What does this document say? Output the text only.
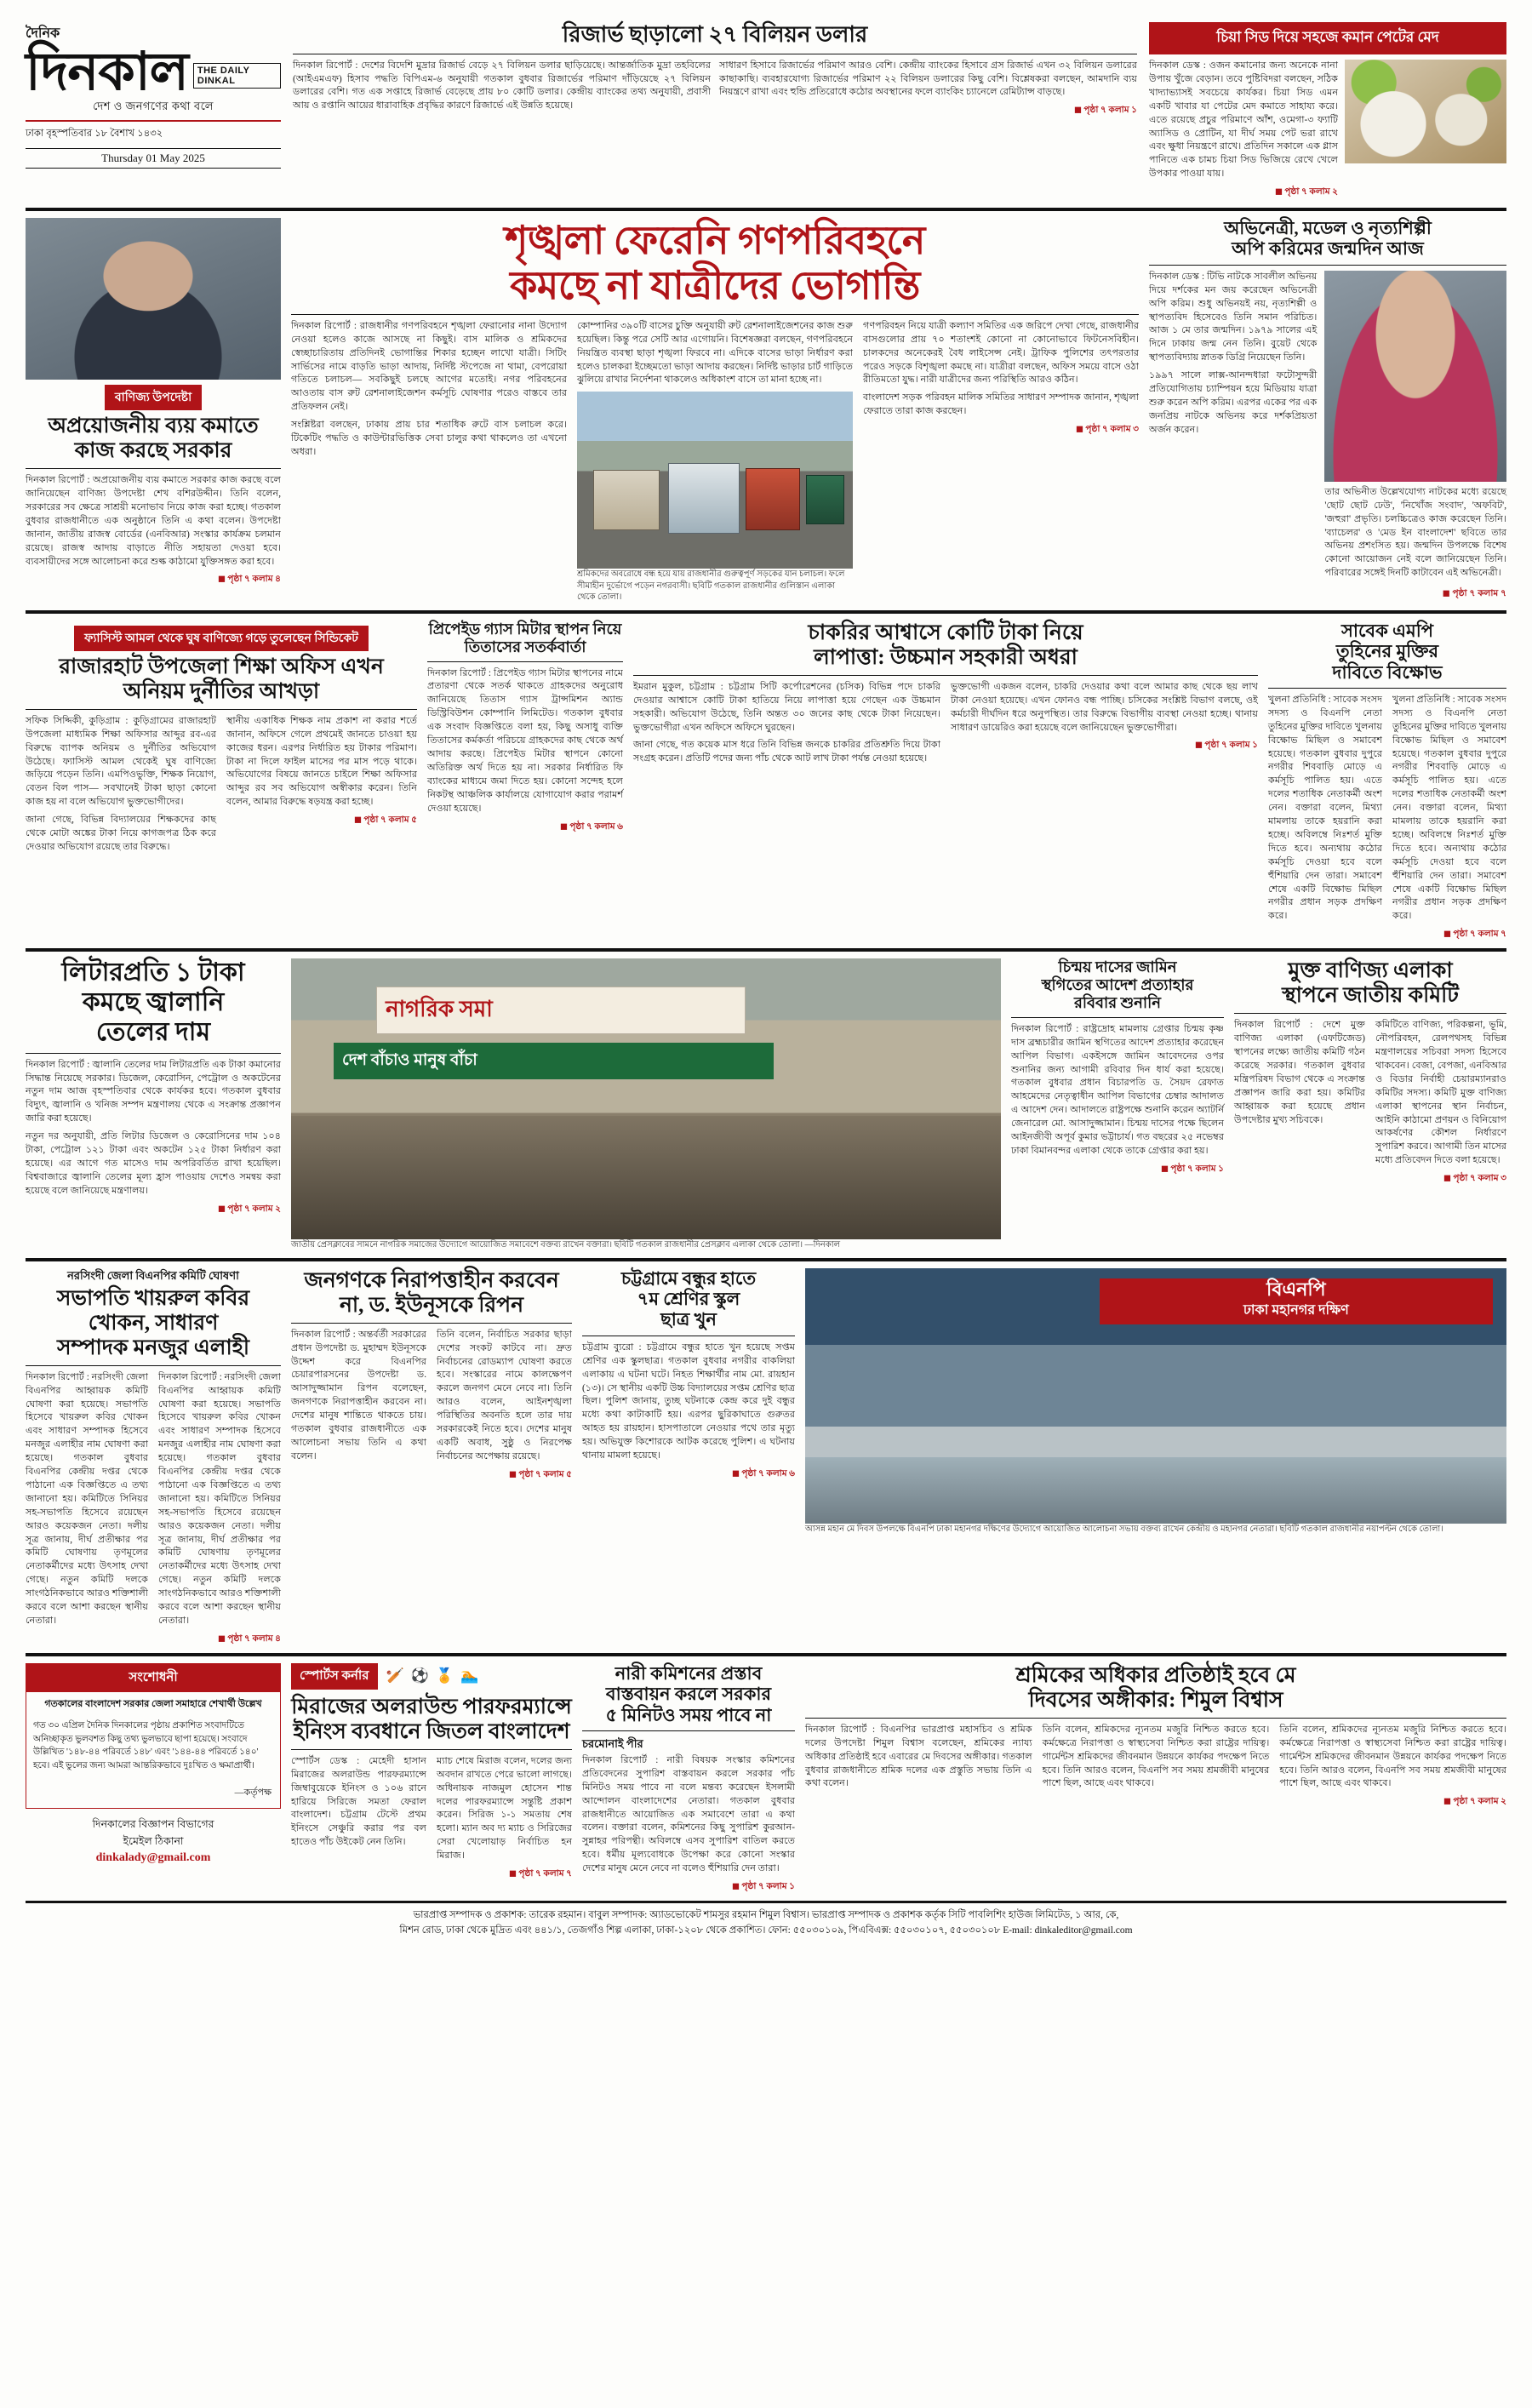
দৈনিক
দিনকাল	THE DAILY DINKAL
দেশ ও জনগণের কথা বলে
ঢাকা বৃহস্পতিবার ১৮ বৈশাখ ১৪৩২
Thursday 01 May 2025
রিজার্ভ ছাড়ালো ২৭ বিলিয়ন ডলার

দিনকাল রিপোর্ট : দেশের বিদেশি মুদ্রার রিজার্ভ বেড়ে ২৭ বিলিয়ন ডলার ছাড়িয়েছে। আন্তর্জাতিক মুদ্রা তহবিলের (আইএমএফ) হিসাব পদ্ধতি বিপিএম-৬ অনুযায়ী গতকাল বুধবার রিজার্ভের পরিমাণ দাঁড়িয়েছে ২৭ বিলিয়ন ডলারের বেশি। গত এক সপ্তাহে রিজার্ভ বেড়েছে প্রায় ৮০ কোটি ডলার। কেন্দ্রীয় ব্যাংকের তথ্য অনুযায়ী, প্রবাসী আয় ও রপ্তানি আয়ের ধারাবাহিক প্রবৃদ্ধির কারণে রিজার্ভে এই উন্নতি হয়েছে।

সাধারণ হিসাবে রিজার্ভের পরিমাণ আরও বেশি। কেন্দ্রীয় ব্যাংকের হিসাবে গ্রস রিজার্ভ এখন ৩২ বিলিয়ন ডলারের কাছাকাছি। ব্যবহারযোগ্য রিজার্ভের পরিমাণ ২২ বিলিয়ন ডলারের কিছু বেশি। বিশ্লেষকরা বলছেন, আমদানি ব্যয় নিয়ন্ত্রণে রাখা এবং হুন্ডি প্রতিরোধে কঠোর অবস্থানের ফলে ব্যাংকিং চ্যানেলে রেমিট্যান্স বাড়ছে।

◼ পৃষ্ঠা ৭ কলাম ১
চিয়া সিড দিয়ে সহজে কমান পেটের মেদ

দিনকাল ডেস্ক : ওজন কমানোর জন্য অনেকে নানা উপায় খুঁজে বেড়ান। তবে পুষ্টিবিদরা বলছেন, সঠিক খাদ্যাভ্যাসই সবচেয়ে কার্যকর। চিয়া সিড এমন একটি খাবার যা পেটের মেদ কমাতে সাহায্য করে। এতে রয়েছে প্রচুর পরিমাণে আঁশ, ওমেগা-৩ ফ্যাটি অ্যাসিড ও প্রোটিন, যা দীর্ঘ সময় পেট ভরা রাখে এবং ক্ষুধা নিয়ন্ত্রণে রাখে। প্রতিদিন সকালে এক গ্লাস পানিতে এক চামচ চিয়া সিড ভিজিয়ে রেখে খেলে উপকার পাওয়া যায়।

◼ পৃষ্ঠা ৭ কলাম ২
বাণিজ্য উপদেষ্টা
অপ্রয়োজনীয় ব্যয় কমাতে কাজ করছে সরকার

দিনকাল রিপোর্ট : অপ্রয়োজনীয় ব্যয় কমাতে সরকার কাজ করছে বলে জানিয়েছেন বাণিজ্য উপদেষ্টা শেখ বশিরউদ্দীন। তিনি বলেন, সরকারের সব ক্ষেত্রে সাশ্রয়ী মনোভাব নিয়ে কাজ করা হচ্ছে। গতকাল বুধবার রাজধানীতে এক অনুষ্ঠানে তিনি এ কথা বলেন। উপদেষ্টা জানান, জাতীয় রাজস্ব বোর্ডের (এনবিআর) সংস্কার কার্যক্রম চলমান রয়েছে। রাজস্ব আদায় বাড়াতে নীতি সহায়তা দেওয়া হবে। ব্যবসায়ীদের সঙ্গে আলোচনা করে শুল্ক কাঠামো যুক্তিসঙ্গত করা হবে।

◼ পৃষ্ঠা ৭ কলাম ৪
শৃঙ্খলা ফেরেনি গণপরিবহনে
কমছে না যাত্রীদের ভোগান্তি

দিনকাল রিপোর্ট : রাজধানীর গণপরিবহনে শৃঙ্খলা ফেরানোর নানা উদ্যোগ নেওয়া হলেও কাজে আসছে না কিছুই। বাস মালিক ও শ্রমিকদের স্বেচ্ছাচারিতায় প্রতিদিনই ভোগান্তির শিকার হচ্ছেন লাখো যাত্রী। সিটিং সার্ভিসের নামে বাড়তি ভাড়া আদায়, নির্দিষ্ট স্টপেজে না থামা, বেপরোয়া গতিতে চলাচল— সবকিছুই চলছে আগের মতোই। নগর পরিবহনের আওতায় বাস রুট রেশনালাইজেশন কর্মসূচি ঘোষণার পরেও বাস্তবে তার প্রতিফলন নেই।

সংশ্লিষ্টরা বলছেন, ঢাকায় প্রায় চার শতাধিক রুটে বাস চলাচল করে। টিকেটিং পদ্ধতি ও কাউন্টারভিত্তিক সেবা চালুর কথা থাকলেও তা এখনো অধরা।

কোম্পানির ৩৯০টি বাসের চুক্তি অনুযায়ী রুট রেশনালাইজেশনের কাজ শুরু হয়েছিল। কিন্তু পরে সেটি আর এগোয়নি। বিশেষজ্ঞরা বলছেন, গণপরিবহনে নিয়ন্ত্রিত ব্যবস্থা ছাড়া শৃঙ্খলা ফিরবে না। এদিকে বাসের ভাড়া নির্ধারণ করা হলেও চালকরা ইচ্ছেমতো ভাড়া আদায় করছেন। নির্দিষ্ট ভাড়ার চার্ট গাড়িতে ঝুলিয়ে রাখার নির্দেশনা থাকলেও অধিকাংশ বাসে তা মানা হচ্ছে না।

শ্রমিকদের অবরোধে বন্ধ হয়ে যায় রাজধানীর গুরুত্বপূর্ণ সড়কের যান চলাচল। ফলে সীমাহীন দুর্ভোগে পড়েন নগরবাসী। ছবিটি গতকাল রাজধানীর গুলিস্তান এলাকা থেকে তোলা।

গণপরিবহন নিয়ে যাত্রী কল্যাণ সমিতির এক জরিপে দেখা গেছে, রাজধানীর বাসগুলোর প্রায় ৭০ শতাংশই কোনো না কোনোভাবে ফিটনেসবিহীন। চালকদের অনেকেরই বৈধ লাইসেন্স নেই। ট্রাফিক পুলিশের তৎপরতার পরেও সড়কে বিশৃঙ্খলা কমছে না। যাত্রীরা বলছেন, অফিস সময়ে বাসে ওঠা রীতিমতো যুদ্ধ। নারী যাত্রীদের জন্য পরিস্থিতি আরও কঠিন।

বাংলাদেশ সড়ক পরিবহন মালিক সমিতির সাধারণ সম্পাদক জানান, শৃঙ্খলা ফেরাতে তারা কাজ করছেন।

◼ পৃষ্ঠা ৭ কলাম ৩
অভিনেত্রী, মডেল ও নৃত্যশিল্পী
অপি করিমের জন্মদিন আজ

দিনকাল ডেস্ক : টিভি নাটকে সাবলীল অভিনয় দিয়ে দর্শকের মন জয় করেছেন অভিনেত্রী অপি করিম। শুধু অভিনয়ই নয়, নৃত্যশিল্পী ও স্থাপত্যবিদ হিসেবেও তিনি সমান পরিচিত। আজ ১ মে তার জন্মদিন। ১৯৭৯ সালের এই দিনে ঢাকায় জন্ম নেন তিনি। বুয়েট থেকে স্থাপত্যবিদ্যায় স্নাতক ডিগ্রি নিয়েছেন তিনি।

১৯৯৭ সালে লাক্স-আনন্দধারা ফটোসুন্দরী প্রতিযোগিতায় চ্যাম্পিয়ন হয়ে মিডিয়ায় যাত্রা শুরু করেন অপি করিম। এরপর একের পর এক জনপ্রিয় নাটকে অভিনয় করে দর্শকপ্রিয়তা অর্জন করেন।

তার অভিনীত উল্লেখযোগ্য নাটকের মধ্যে রয়েছে 'ছোট ছোট ঢেউ', 'নিখোঁজ সংবাদ', 'অফবিট', 'জহুরা' প্রভৃতি। চলচ্চিত্রেও কাজ করেছেন তিনি। 'ব্যাচেলর' ও 'মেড ইন বাংলাদেশ' ছবিতে তার অভিনয় প্রশংসিত হয়। জন্মদিন উপলক্ষে বিশেষ কোনো আয়োজন নেই বলে জানিয়েছেন তিনি। পরিবারের সঙ্গেই দিনটি কাটাবেন এই অভিনেত্রী।

◼ পৃষ্ঠা ৭ কলাম ৭
ফ্যাসিস্ট আমল থেকে ঘুষ বাণিজ্যে গড়ে তুলেছেন সিন্ডিকেট
রাজারহাট উপজেলা শিক্ষা অফিস এখন অনিয়ম দুর্নীতির আখড়া

সফিক সিদ্দিকী, কুড়িগ্রাম : কুড়িগ্রামের রাজারহাট উপজেলা মাধ্যমিক শিক্ষা অফিসার আব্দুর রব-এর বিরুদ্ধে ব্যাপক অনিয়ম ও দুর্নীতির অভিযোগ উঠেছে। ফ্যাসিস্ট আমল থেকেই ঘুষ বাণিজ্যে জড়িয়ে পড়েন তিনি। এমপিওভুক্তি, শিক্ষক নিয়োগ, বেতন বিল পাস— সবখানেই টাকা ছাড়া কোনো কাজ হয় না বলে অভিযোগ ভুক্তভোগীদের।

জানা গেছে, বিভিন্ন বিদ্যালয়ের শিক্ষকদের কাছ থেকে মোটা অঙ্কের টাকা নিয়ে কাগজপত্র ঠিক করে দেওয়ার অভিযোগ রয়েছে তার বিরুদ্ধে।

স্থানীয় একাধিক শিক্ষক নাম প্রকাশ না করার শর্তে জানান, অফিসে গেলে প্রথমেই জানতে চাওয়া হয় কাজের ধরন। এরপর নির্ধারিত হয় টাকার পরিমাণ। টাকা না দিলে ফাইল মাসের পর মাস পড়ে থাকে। অভিযোগের বিষয়ে জানতে চাইলে শিক্ষা অফিসার আব্দুর রব সব অভিযোগ অস্বীকার করেন। তিনি বলেন, আমার বিরুদ্ধে ষড়যন্ত্র করা হচ্ছে।

◼ পৃষ্ঠা ৭ কলাম ৫
প্রিপেইড গ্যাস মিটার স্থাপন নিয়ে তিতাসের সতর্কবার্তা

দিনকাল রিপোর্ট : প্রিপেইড গ্যাস মিটার স্থাপনের নামে প্রতারণা থেকে সতর্ক থাকতে গ্রাহকদের অনুরোধ জানিয়েছে তিতাস গ্যাস ট্রান্সমিশন অ্যান্ড ডিস্ট্রিবিউশন কোম্পানি লিমিটেড। গতকাল বুধবার এক সংবাদ বিজ্ঞপ্তিতে বলা হয়, কিছু অসাধু ব্যক্তি তিতাসের কর্মকর্তা পরিচয়ে গ্রাহকদের কাছ থেকে অর্থ আদায় করছে। প্রিপেইড মিটার স্থাপনে কোনো অতিরিক্ত অর্থ দিতে হয় না। সরকার নির্ধারিত ফি ব্যাংকের মাধ্যমে জমা দিতে হয়। কোনো সন্দেহ হলে নিকটস্থ আঞ্চলিক কার্যালয়ে যোগাযোগ করার পরামর্শ দেওয়া হয়েছে।

◼ পৃষ্ঠা ৭ কলাম ৬
চাকরির আশ্বাসে কোটি টাকা নিয়ে
লাপাত্তা: উচ্চমান সহকারী অধরা

ইমরান মুকুল, চট্টগ্রাম : চট্টগ্রাম সিটি কর্পোরেশনের (চসিক) বিভিন্ন পদে চাকরি দেওয়ার আশ্বাসে কোটি টাকা হাতিয়ে নিয়ে লাপাত্তা হয়ে গেছেন এক উচ্চমান সহকারী। অভিযোগ উঠেছে, তিনি অন্তত ৩০ জনের কাছ থেকে টাকা নিয়েছেন। ভুক্তভোগীরা এখন অফিসে অফিসে ঘুরছেন।

জানা গেছে, গত কয়েক মাস ধরে তিনি বিভিন্ন জনকে চাকরির প্রতিশ্রুতি দিয়ে টাকা সংগ্রহ করেন। প্রতিটি পদের জন্য পাঁচ থেকে আট লাখ টাকা পর্যন্ত নেওয়া হয়েছে।

ভুক্তভোগী একজন বলেন, চাকরি দেওয়ার কথা বলে আমার কাছ থেকে ছয় লাখ টাকা নেওয়া হয়েছে। এখন ফোনও বন্ধ পাচ্ছি। চসিকের সংশ্লিষ্ট বিভাগ বলছে, ওই কর্মচারী দীর্ঘদিন ধরে অনুপস্থিত। তার বিরুদ্ধে বিভাগীয় ব্যবস্থা নেওয়া হচ্ছে। থানায় সাধারণ ডায়েরিও করা হয়েছে বলে জানিয়েছেন ভুক্তভোগীরা।

◼ পৃষ্ঠা ৭ কলাম ১
সাবেক এমপি
তুহিনের মুক্তির
দাবিতে বিক্ষোভ

খুলনা প্রতিনিধি : সাবেক সংসদ সদস্য ও বিএনপি নেতা তুহিনের মুক্তির দাবিতে খুলনায় বিক্ষোভ মিছিল ও সমাবেশ হয়েছে। গতকাল বুধবার দুপুরে নগরীর শিববাড়ি মোড়ে এ কর্মসূচি পালিত হয়। এতে দলের শতাধিক নেতাকর্মী অংশ নেন। বক্তারা বলেন, মিথ্যা মামলায় তাকে হয়রানি করা হচ্ছে। অবিলম্বে নিঃশর্ত মুক্তি দিতে হবে। অন্যথায় কঠোর কর্মসূচি দেওয়া হবে বলে হুঁশিয়ারি দেন তারা। সমাবেশ শেষে একটি বিক্ষোভ মিছিল নগরীর প্রধান সড়ক প্রদক্ষিণ করে।

খুলনা প্রতিনিধি : সাবেক সংসদ সদস্য ও বিএনপি নেতা তুহিনের মুক্তির দাবিতে খুলনায় বিক্ষোভ মিছিল ও সমাবেশ হয়েছে। গতকাল বুধবার দুপুরে নগরীর শিববাড়ি মোড়ে এ কর্মসূচি পালিত হয়। এতে দলের শতাধিক নেতাকর্মী অংশ নেন। বক্তারা বলেন, মিথ্যা মামলায় তাকে হয়রানি করা হচ্ছে। অবিলম্বে নিঃশর্ত মুক্তি দিতে হবে। অন্যথায় কঠোর কর্মসূচি দেওয়া হবে বলে হুঁশিয়ারি দেন তারা। সমাবেশ শেষে একটি বিক্ষোভ মিছিল নগরীর প্রধান সড়ক প্রদক্ষিণ করে।

◼ পৃষ্ঠা ৭ কলাম ৭
লিটারপ্রতি ১ টাকা
কমছে জ্বালানি
তেলের দাম

দিনকাল রিপোর্ট : জ্বালানি তেলের দাম লিটারপ্রতি এক টাকা কমানোর সিদ্ধান্ত নিয়েছে সরকার। ডিজেল, কেরোসিন, পেট্রোল ও অকটেনের নতুন দাম আজ বৃহস্পতিবার থেকে কার্যকর হবে। গতকাল বুধবার বিদ্যুৎ, জ্বালানি ও খনিজ সম্পদ মন্ত্রণালয় থেকে এ সংক্রান্ত প্রজ্ঞাপন জারি করা হয়েছে।

নতুন দর অনুযায়ী, প্রতি লিটার ডিজেল ও কেরোসিনের দাম ১০৪ টাকা, পেট্রোল ১২১ টাকা এবং অকটেন ১২৫ টাকা নির্ধারণ করা হয়েছে। এর আগে গত মাসেও দাম অপরিবর্তিত রাখা হয়েছিল। বিশ্ববাজারে জ্বালানি তেলের মূল্য হ্রাস পাওয়ায় দেশেও সমন্বয় করা হয়েছে বলে জানিয়েছে মন্ত্রণালয়।

◼ পৃষ্ঠা ৭ কলাম ২
নাগরিক সমা
দেশ বাঁচাও মানুষ বাঁচা
জাতীয় প্রেসক্লাবের সামনে নাগরিক সমাজের উদ্যোগে আয়োজিত সমাবেশে বক্তব্য রাখেন বক্তারা। ছবিটি গতকাল রাজধানীর প্রেসক্লাব এলাকা থেকে তোলা। —দিনকাল
চিন্ময় দাসের জামিন
স্থগিতের আদেশ প্রত্যাহার
রবিবার শুনানি

দিনকাল রিপোর্ট : রাষ্ট্রদ্রোহ মামলায় গ্রেপ্তার চিন্ময় কৃষ্ণ দাস ব্রহ্মচারীর জামিন স্থগিতের আদেশ প্রত্যাহার করেছেন আপিল বিভাগ। একইসঙ্গে জামিন আবেদনের ওপর শুনানির জন্য আগামী রবিবার দিন ধার্য করা হয়েছে। গতকাল বুধবার প্রধান বিচারপতি ড. সৈয়দ রেফাত আহমেদের নেতৃত্বাধীন আপিল বিভাগের চেম্বার আদালত এ আদেশ দেন। আদালতে রাষ্ট্রপক্ষে শুনানি করেন অ্যাটর্নি জেনারেল মো. আসাদুজ্জামান। চিন্ময় দাসের পক্ষে ছিলেন আইনজীবী অপূর্ব কুমার ভট্টাচার্য। গত বছরের ২৫ নভেম্বর ঢাকা বিমানবন্দর এলাকা থেকে তাকে গ্রেপ্তার করা হয়।

◼ পৃষ্ঠা ৭ কলাম ১
মুক্ত বাণিজ্য এলাকা
স্থাপনে জাতীয় কমিটি

দিনকাল রিপোর্ট : দেশে মুক্ত বাণিজ্য এলাকা (এফটিজেড) স্থাপনের লক্ষ্যে জাতীয় কমিটি গঠন করেছে সরকার। গতকাল বুধবার মন্ত্রিপরিষদ বিভাগ থেকে এ সংক্রান্ত প্রজ্ঞাপন জারি করা হয়। কমিটির আহ্বায়ক করা হয়েছে প্রধান উপদেষ্টার মুখ্য সচিবকে।

কমিটিতে বাণিজ্য, পরিকল্পনা, ভূমি, নৌপরিবহন, রেলপথসহ বিভিন্ন মন্ত্রণালয়ের সচিবরা সদস্য হিসেবে থাকবেন। বেজা, বেপজা, এনবিআর ও বিডার নির্বাহী চেয়ারম্যানরাও কমিটির সদস্য। কমিটি মুক্ত বাণিজ্য এলাকা স্থাপনের স্থান নির্বাচন, আইনি কাঠামো প্রণয়ন ও বিনিয়োগ আকর্ষণের কৌশল নির্ধারণে সুপারিশ করবে। আগামী তিন মাসের মধ্যে প্রতিবেদন দিতে বলা হয়েছে।

◼ পৃষ্ঠা ৭ কলাম ৩
নরসিংদী জেলা বিএনপির কমিটি ঘোষণা
সভাপতি খায়রুল কবির
খোকন, সাধারণ
সম্পাদক মনজুর এলাহী

দিনকাল রিপোর্ট : নরসিংদী জেলা বিএনপির আহ্বায়ক কমিটি ঘোষণা করা হয়েছে। সভাপতি হিসেবে খায়রুল কবির খোকন এবং সাধারণ সম্পাদক হিসেবে মনজুর এলাহীর নাম ঘোষণা করা হয়েছে। গতকাল বুধবার বিএনপির কেন্দ্রীয় দপ্তর থেকে পাঠানো এক বিজ্ঞপ্তিতে এ তথ্য জানানো হয়। কমিটিতে সিনিয়র সহ-সভাপতি হিসেবে রয়েছেন আরও কয়েকজন নেতা। দলীয় সূত্র জানায়, দীর্ঘ প্রতীক্ষার পর কমিটি ঘোষণায় তৃণমূলের নেতাকর্মীদের মধ্যে উৎসাহ দেখা গেছে। নতুন কমিটি দলকে সাংগঠনিকভাবে আরও শক্তিশালী করবে বলে আশা করছেন স্থানীয় নেতারা।

দিনকাল রিপোর্ট : নরসিংদী জেলা বিএনপির আহ্বায়ক কমিটি ঘোষণা করা হয়েছে। সভাপতি হিসেবে খায়রুল কবির খোকন এবং সাধারণ সম্পাদক হিসেবে মনজুর এলাহীর নাম ঘোষণা করা হয়েছে। গতকাল বুধবার বিএনপির কেন্দ্রীয় দপ্তর থেকে পাঠানো এক বিজ্ঞপ্তিতে এ তথ্য জানানো হয়। কমিটিতে সিনিয়র সহ-সভাপতি হিসেবে রয়েছেন আরও কয়েকজন নেতা। দলীয় সূত্র জানায়, দীর্ঘ প্রতীক্ষার পর কমিটি ঘোষণায় তৃণমূলের নেতাকর্মীদের মধ্যে উৎসাহ দেখা গেছে। নতুন কমিটি দলকে সাংগঠনিকভাবে আরও শক্তিশালী করবে বলে আশা করছেন স্থানীয় নেতারা।

◼ পৃষ্ঠা ৭ কলাম ৪
জনগণকে নিরাপত্তাহীন করবেন
না, ড. ইউনূসকে রিপন

দিনকাল রিপোর্ট : অন্তর্বর্তী সরকারের প্রধান উপদেষ্টা ড. মুহাম্মদ ইউনূসকে উদ্দেশ করে বিএনপির চেয়ারপারসনের উপদেষ্টা ড. আসাদুজ্জামান রিপন বলেছেন, জনগণকে নিরাপত্তাহীন করবেন না। দেশের মানুষ শান্তিতে থাকতে চায়। গতকাল বুধবার রাজধানীতে এক আলোচনা সভায় তিনি এ কথা বলেন।

তিনি বলেন, নির্বাচিত সরকার ছাড়া দেশের সংকট কাটবে না। দ্রুত নির্বাচনের রোডম্যাপ ঘোষণা করতে হবে। সংস্কারের নামে কালক্ষেপণ করলে জনগণ মেনে নেবে না। তিনি আরও বলেন, আইনশৃঙ্খলা পরিস্থিতির অবনতি হলে তার দায় সরকারকেই নিতে হবে। দেশের মানুষ একটি অবাধ, সুষ্ঠু ও নিরপেক্ষ নির্বাচনের অপেক্ষায় রয়েছে।

◼ পৃষ্ঠা ৭ কলাম ৫
চট্টগ্রামে বন্ধুর হাতে
৭ম শ্রেণির স্কুল
ছাত্র খুন

চট্টগ্রাম ব্যুরো : চট্টগ্রামে বন্ধুর হাতে খুন হয়েছে সপ্তম শ্রেণির এক স্কুলছাত্র। গতকাল বুধবার নগরীর বাকলিয়া এলাকায় এ ঘটনা ঘটে। নিহত শিক্ষার্থীর নাম মো. রায়হান (১৩)। সে স্থানীয় একটি উচ্চ বিদ্যালয়ের সপ্তম শ্রেণির ছাত্র ছিল। পুলিশ জানায়, তুচ্ছ ঘটনাকে কেন্দ্র করে দুই বন্ধুর মধ্যে কথা কাটাকাটি হয়। এরপর ছুরিকাঘাতে গুরুতর আহত হয় রায়হান। হাসপাতালে নেওয়ার পথে তার মৃত্যু হয়। অভিযুক্ত কিশোরকে আটক করেছে পুলিশ। এ ঘটনায় থানায় মামলা হয়েছে।

◼ পৃষ্ঠা ৭ কলাম ৬
বিএনপি
ঢাকা মহানগর দক্ষিণ
আসন্ন মহান মে দিবস উপলক্ষে বিএনপি ঢাকা মহানগর দক্ষিণের উদ্যোগে আয়োজিত আলোচনা সভায় বক্তব্য রাখেন কেন্দ্রীয় ও মহানগর নেতারা। ছবিটি গতকাল রাজধানীর নয়াপল্টন থেকে তোলা।
সংশোধনী
গতকালের বাংলাদেশ সরকার জেলা সমাহারে শেখার্থী উল্লেখ
গত ৩০ এপ্রিল দৈনিক দিনকালের পৃষ্ঠায় প্রকাশিত সংবাদটিতে অনিচ্ছাকৃত ভুলবশত কিছু তথ্য ভুলভাবে ছাপা হয়েছে। সংবাদে উল্লিখিত '১৪৮-৪৪ পরিবর্তে ১৪৮' এবং '১৪৪-৪৪ পরিবর্তে ১৪০' হবে। এই ভুলের জন্য আমরা আন্তরিকভাবে দুঃখিত ও ক্ষমাপ্রার্থী।
—কর্তৃপক্ষ
দিনকালের বিজ্ঞাপন বিভাগের
ইমেইল ঠিকানা
dinkalady@gmail.com
স্পোর্টস কর্নার	🏏 ⚽ 🏅 🏊
মিরাজের অলরাউন্ড পারফরম্যান্সে
ইনিংস ব্যবধানে জিতল বাংলাদেশ

স্পোর্টস ডেস্ক : মেহেদী হাসান মিরাজের অলরাউন্ড পারফরম্যান্সে জিম্বাবুয়েকে ইনিংস ও ১০৬ রানে হারিয়ে সিরিজে সমতা ফেরাল বাংলাদেশ। চট্টগ্রাম টেস্টে প্রথম ইনিংসে সেঞ্চুরি করার পর বল হাতেও পাঁচ উইকেট নেন তিনি।

ম্যাচ শেষে মিরাজ বলেন, দলের জন্য অবদান রাখতে পেরে ভালো লাগছে। অধিনায়ক নাজমুল হোসেন শান্ত দলের পারফরম্যান্সে সন্তুষ্টি প্রকাশ করেন। সিরিজ ১-১ সমতায় শেষ হলো। ম্যান অব দ্য ম্যাচ ও সিরিজের সেরা খেলোয়াড় নির্বাচিত হন মিরাজ।

◼ পৃষ্ঠা ৭ কলাম ৭
নারী কমিশনের প্রস্তাব
বাস্তবায়ন করলে সরকার
৫ মিনিটও সময় পাবে না
চরমোনাই পীর

দিনকাল রিপোর্ট : নারী বিষয়ক সংস্কার কমিশনের প্রতিবেদনের সুপারিশ বাস্তবায়ন করলে সরকার পাঁচ মিনিটও সময় পাবে না বলে মন্তব্য করেছেন ইসলামী আন্দোলন বাংলাদেশের নেতারা। গতকাল বুধবার রাজধানীতে আয়োজিত এক সমাবেশে তারা এ কথা বলেন। বক্তারা বলেন, কমিশনের কিছু সুপারিশ কুরআন-সুন্নাহর পরিপন্থী। অবিলম্বে এসব সুপারিশ বাতিল করতে হবে। ধর্মীয় মূল্যবোধকে উপেক্ষা করে কোনো সংস্কার দেশের মানুষ মেনে নেবে না বলেও হুঁশিয়ারি দেন তারা।

◼ পৃষ্ঠা ৭ কলাম ১
শ্রমিকের অধিকার প্রতিষ্ঠাই হবে মে
দিবসের অঙ্গীকার: শিমুল বিশ্বাস

দিনকাল রিপোর্ট : বিএনপির ভারপ্রাপ্ত মহাসচিব ও শ্রমিক দলের উপদেষ্টা শিমুল বিশ্বাস বলেছেন, শ্রমিকের ন্যায্য অধিকার প্রতিষ্ঠাই হবে এবারের মে দিবসের অঙ্গীকার। গতকাল বুধবার রাজধানীতে শ্রমিক দলের এক প্রস্তুতি সভায় তিনি এ কথা বলেন।

তিনি বলেন, শ্রমিকদের ন্যূনতম মজুরি নিশ্চিত করতে হবে। কর্মক্ষেত্রে নিরাপত্তা ও স্বাস্থ্যসেবা নিশ্চিত করা রাষ্ট্রের দায়িত্ব। গার্মেন্টস শ্রমিকদের জীবনমান উন্নয়নে কার্যকর পদক্ষেপ নিতে হবে। তিনি আরও বলেন, বিএনপি সব সময় শ্রমজীবী মানুষের পাশে ছিল, আছে এবং থাকবে।

তিনি বলেন, শ্রমিকদের ন্যূনতম মজুরি নিশ্চিত করতে হবে। কর্মক্ষেত্রে নিরাপত্তা ও স্বাস্থ্যসেবা নিশ্চিত করা রাষ্ট্রের দায়িত্ব। গার্মেন্টস শ্রমিকদের জীবনমান উন্নয়নে কার্যকর পদক্ষেপ নিতে হবে। তিনি আরও বলেন, বিএনপি সব সময় শ্রমজীবী মানুষের পাশে ছিল, আছে এবং থাকবে।

◼ পৃষ্ঠা ৭ কলাম ২
ভারপ্রাপ্ত সম্পাদক ও প্রকাশক: তারেক রহমান। বাবুল সম্পাদক: অ্যাডভোকেট শামসুর রহমান শিমুল বিশ্বাস। ভারপ্রাপ্ত সম্পাদক ও প্রকাশক কর্তৃক সিটি পাবলিশিং হাউজ লিমিটেড, ১ আর, কে,
মিশন রোড, ঢাকা থেকে মুদ্রিত এবং ৪৪১/১, তেজগাঁও শিল্প এলাকা, ঢাকা-১২০৮ থেকে প্রকাশিত। ফোন: ৫৫০৩০১০৯, পিএবিএক্স: ৫৫০৩০১০৭, ৫৫০৩০১০৮ E-mail: dinkaleditor@gmail.com
